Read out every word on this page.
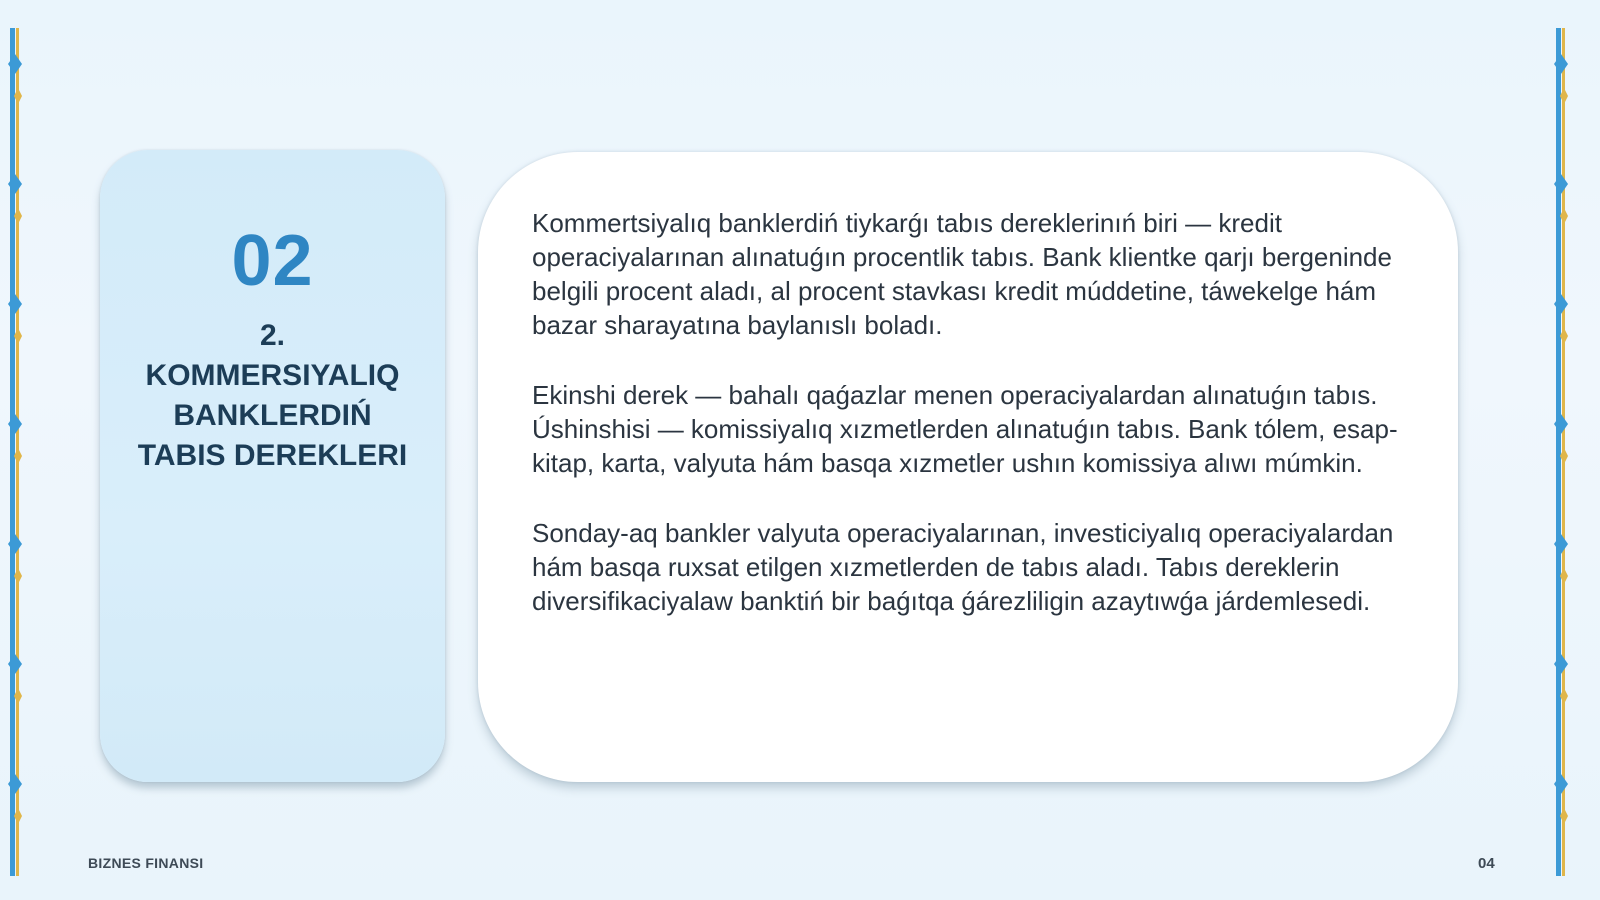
02
2. KOMMERSIYALIQ BANKLERDIŃ TABIS DEREKLERI

Kommertsiyalıq banklerdiń tiykarǵı tabıs dereklerinıń biri — kredit operaciyalarınan alınatuǵın procentlik tabıs. Bank klientke qarjı bergeninde belgili procent aladı, al procent stavkası kredit múddetine, táwekelge hám bazar sharayatına baylanıslı boladı.

Ekinshi derek — bahalı qaǵazlar menen operaciyalardan alınatuǵın tabıs. Úshinshisi — komissiyalıq xızmetlerden alınatuǵın tabıs. Bank tólem, esap-kitap, karta, valyuta hám basqa xızmetler ushın komissiya alıwı múmkin.

Sonday-aq bankler valyuta operaciyalarınan, investiciyalıq operaciyalardan hám basqa ruxsat etilgen xızmetlerden de tabıs aladı. Tabıs dereklerin diversifikaciyalaw banktiń bir baǵıtqa ǵárezliligin azaytıwǵa járdemlesedi.

BIZNES FINANSI	04
